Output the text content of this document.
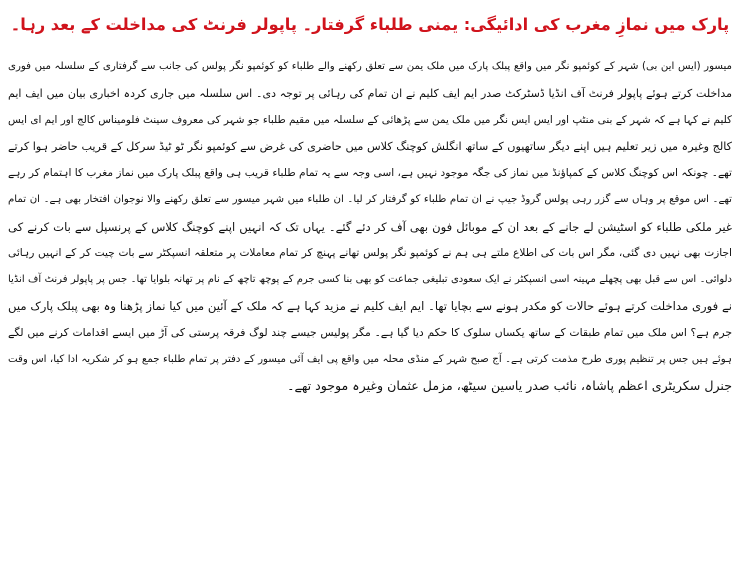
پارک میں نمازِ مغرب کی ادائیگی: یمنی طلباء گرفتار۔ پاپولر فرنٹ کی مداخلت کے بعد رہا۔
میسور (ایس این بی) شہر کے کوئمپو نگر میں واقع پبلک پارک میں ملک یمن سے تعلق رکھنے والے طلباء کو کوئمپو نگر پولس کی جانب سے گرفتاری کے سلسلہ میں فوری
مداخلت کرتے ہوئے پاپولر فرنٹ آف انڈیا ڈسٹرکٹ صدر ایم ایف کلیم نے ان تمام کی رہائی پر توجہ دی۔ اس سلسلہ میں جاری کردہ اخباری بیان میں ایف ایم
کلیم نے کہا ہے کہ شہر کے بنی منٹپ اور ایس ایس نگر میں ملک یمن سے پڑھائی کے سلسلہ میں مقیم طلباء جو شہر کی معروف سینٹ فلومیناس کالج اور ایم ای ایس
کالج وغیرہ میں زیر تعلیم ہیں اپنے دیگر ساتھیوں کے ساتھ انگلش کوچنگ کلاس میں حاضری کی غرض سے کوئمپو نگر ٹو ٹیڈ سرکل کے قریب حاضر ہوا کرتے
تھے۔ چونکہ اس کوچنگ کلاس کے کمپاؤنڈ میں نماز کی جگہ موجود نہیں ہے، اسی وجہ سے یہ تمام طلباء قریب ہی واقع پبلک پارک میں نماز مغرب کا اہتمام کر رہے
تھے۔ اس موقع پر وہاں سے گزر رہی پولس گروڈ جیپ نے ان تمام طلباء کو گرفتار کر لیا۔ ان طلباء میں شہر میسور سے تعلق رکھنے والا نوجوان افتخار بھی ہے۔ ان تمام
غیر ملکی طلباء کو اسٹیشن لے جانے کے بعد ان کے موبائل فون بھی آف کر دئے گئے۔ یہاں تک کہ انہیں اپنے کوچنگ کلاس کے پرنسپل سے بات کرنے کی
اجازت بھی نہیں دی گئی، مگر اس بات کی اطلاع ملتے ہی ہم نے کوئمپو نگر پولس تھانے پہنچ کر تمام معاملات پر متعلقہ انسپکٹر سے بات چیت کر کے انہیں رہائی
دلوائی۔ اس سے قبل بھی پچھلے مہینہ اسی انسپکٹر نے ایک سعودی تبلیغی جماعت کو بھی بنا کسی جرم کے پوچھ تاچھ کے نام پر تھانہ بلوایا تھا۔ جس پر پاپولر فرنٹ آف انڈیا
نے فوری مداخلت کرتے ہوئے حالات کو مکدر ہونے سے بچایا تھا۔ ایم ایف کلیم نے مزید کہا ہے کہ ملک کے آئین میں کیا نماز پڑھنا وہ بھی پبلک پارک میں
جرم ہے؟ اس ملک میں تمام طبقات کے ساتھ یکساں سلوک کا حکم دیا گیا ہے۔ مگر پولیس جیسے چند لوگ فرقہ پرستی کی آڑ میں ایسے اقدامات کرنے میں لگے
ہوئے ہیں جس پر تنظیم پوری طرح مذمت کرتی ہے۔ آج صبح شہر کے منڈی محلہ میں واقع پی ایف آئی میسور کے دفتر پر تمام طلباء جمع ہو کر شکریہ ادا کیا، اس وقت
جنرل سکریٹری اعظم پاشاہ، نائب صدر یاسین سیٹھ، مزمل عثمان وغیرہ موجود تھے۔
